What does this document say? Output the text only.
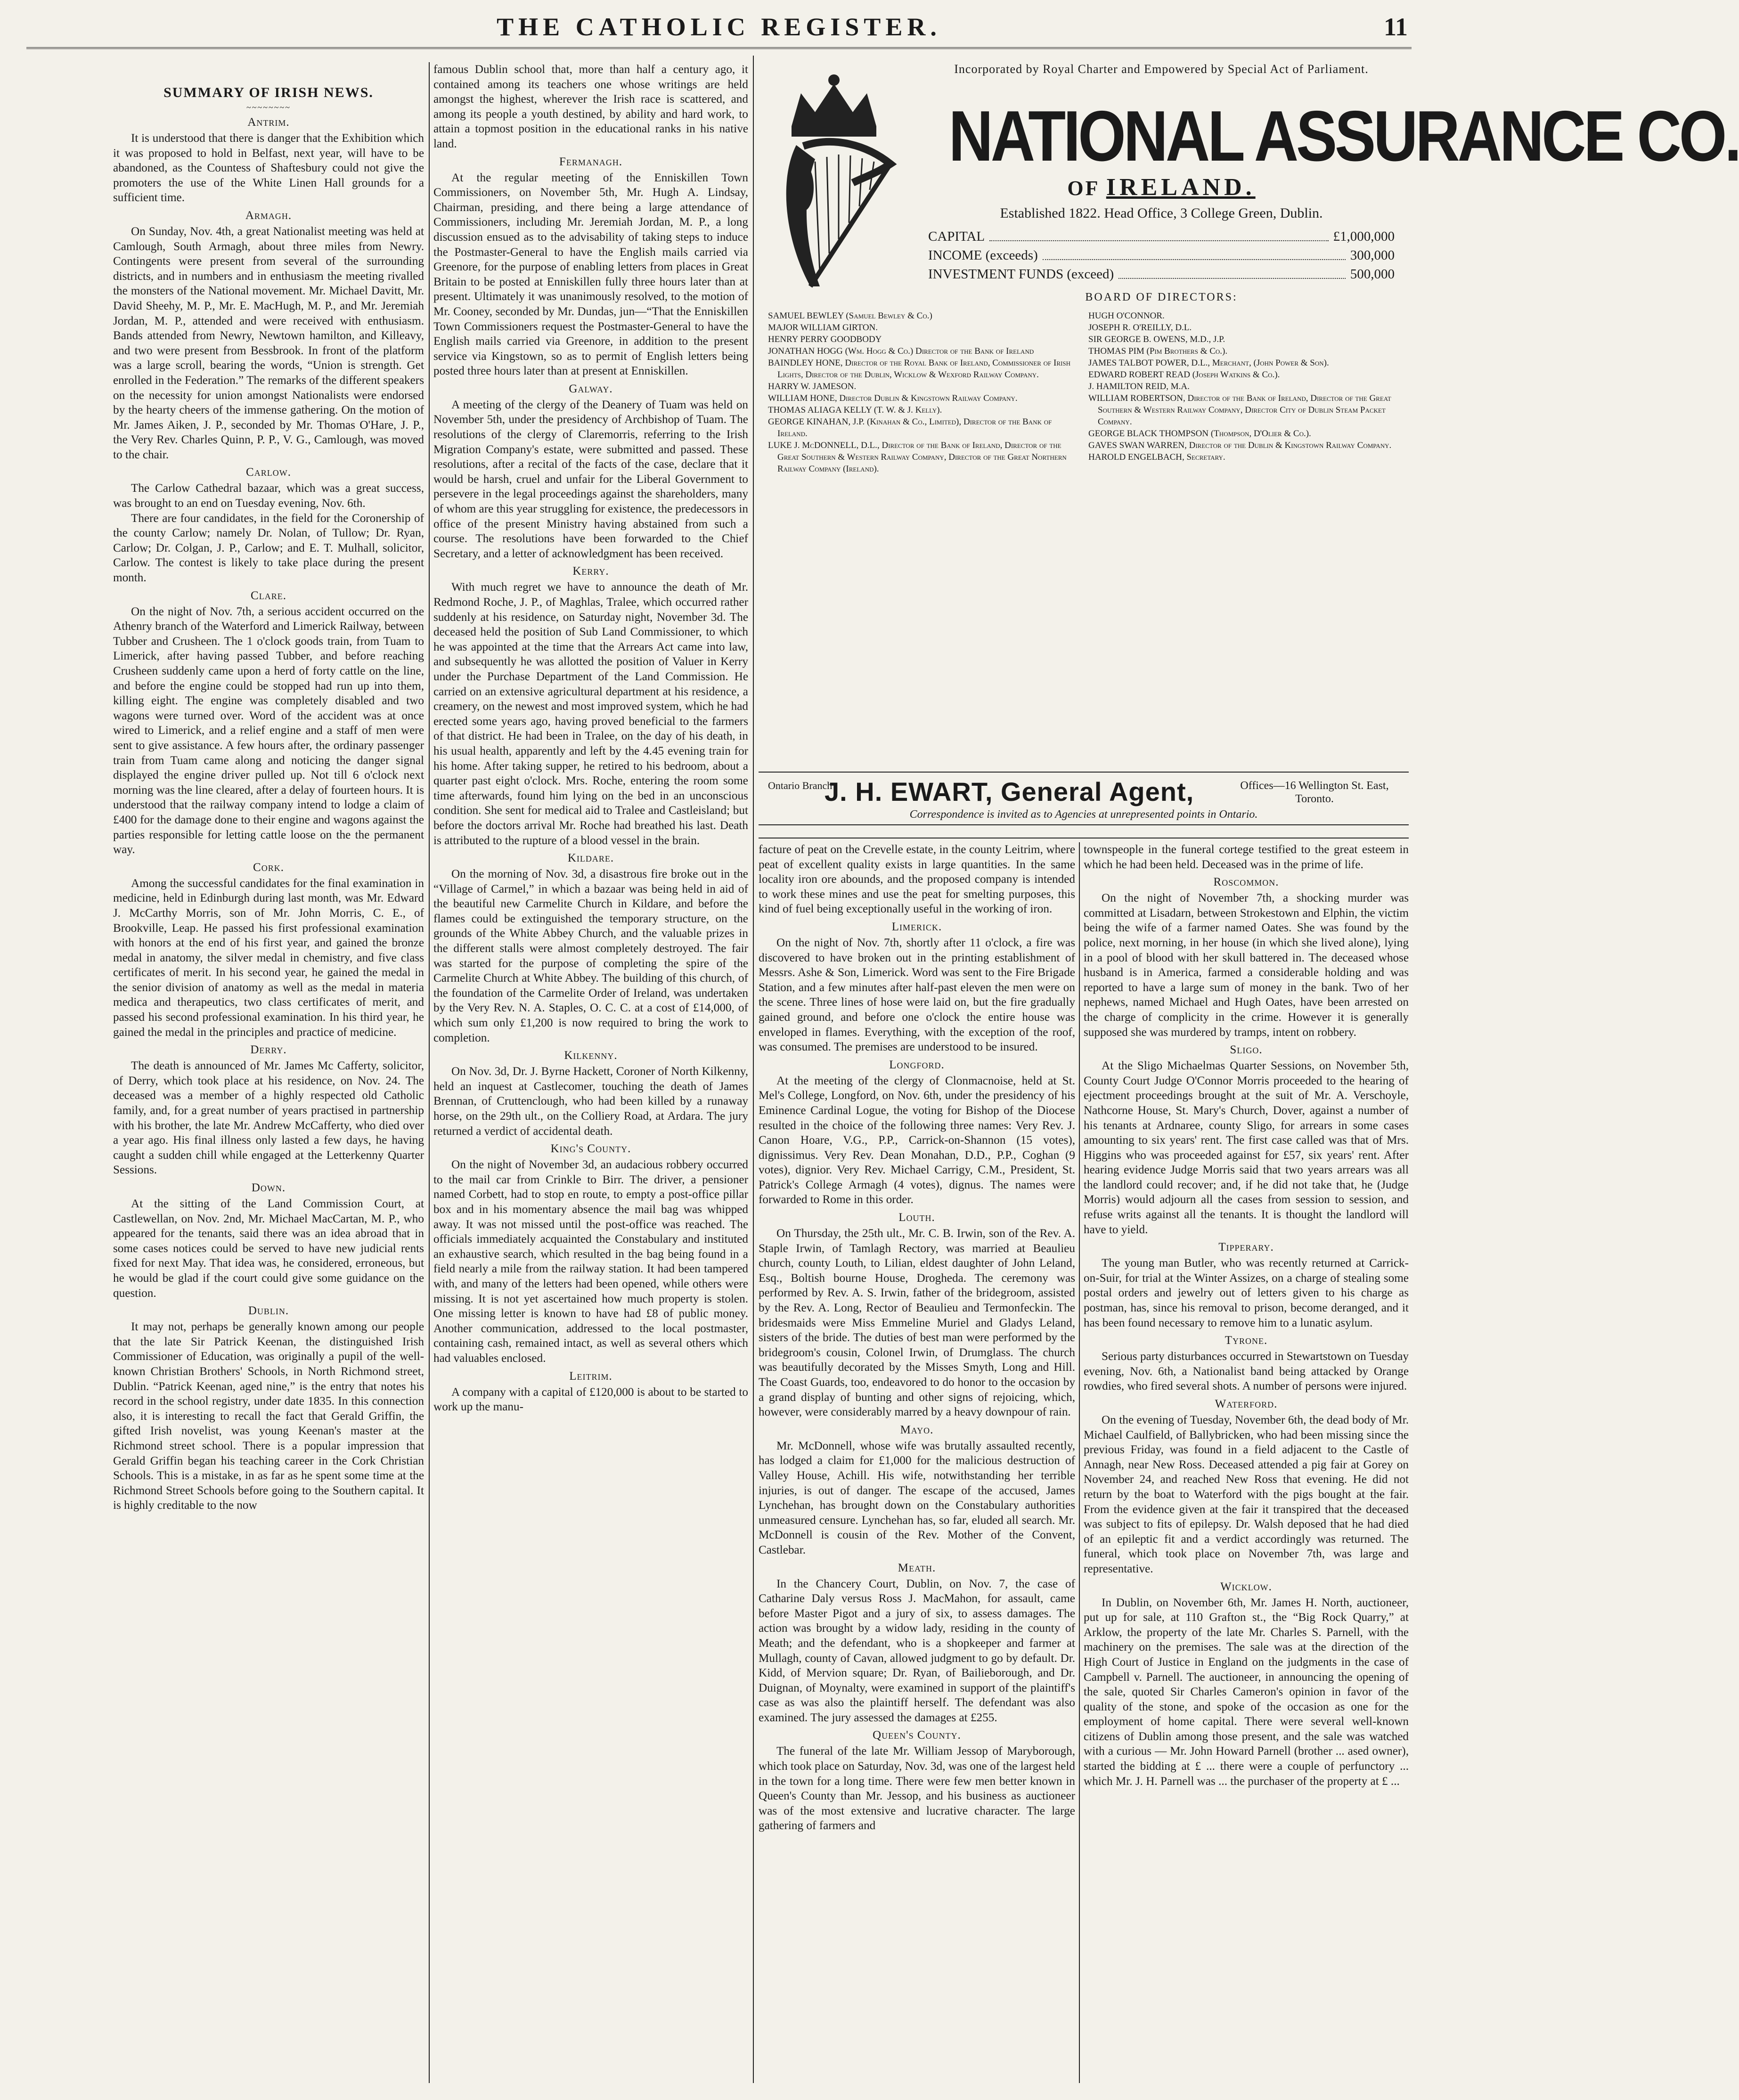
THE CATHOLIC REGISTER.	11
SUMMARY OF IRISH NEWS.
~~~~~~~~
Antrim.

It is understood that there is danger that the Exhibition which it was proposed to hold in Belfast, next year, will have to be abandoned, as the Countess of Shaftesbury could not give the promoters the use of the White Linen Hall grounds for a sufficient time.

Armagh.

On Sunday, Nov. 4th, a great Nationalist meeting was held at Camlough, South Armagh, about three miles from Newry. Contingents were present from several of the surrounding districts, and in numbers and in enthusiasm the meeting rivalled the monsters of the National movement. Mr. Michael Davitt, Mr. David Sheehy, M. P., Mr. E. MacHugh, M. P., and Mr. Jeremiah Jordan, M. P., attended and were received with enthusiasm. Bands attended from Newry, Newtown hamilton, and Killeavy, and two were present from Bessbrook. In front of the platform was a large scroll, bearing the words, “Union is strength. Get enrolled in the Federation.” The remarks of the different speakers on the necessity for union amongst Nationalists were endorsed by the hearty cheers of the immense gathering. On the motion of Mr. James Aiken, J. P., seconded by Mr. Thomas O'Hare, J. P., the Very Rev. Charles Quinn, P. P., V. G., Camlough, was moved to the chair.

Carlow.

The Carlow Cathedral bazaar, which was a great success, was brought to an end on Tuesday evening, Nov. 6th.

There are four candidates, in the field for the Coronership of the county Carlow; namely Dr. Nolan, of Tullow; Dr. Ryan, Carlow; Dr. Colgan, J. P., Carlow; and E. T. Mulhall, solicitor, Carlow. The contest is likely to take place during the present month.

Clare.

On the night of Nov. 7th, a serious accident occurred on the Athenry branch of the Waterford and Limerick Railway, between Tubber and Crusheen. The 1 o'clock goods train, from Tuam to Limerick, after having passed Tubber, and before reaching Crusheen suddenly came upon a herd of forty cattle on the line, and before the engine could be stopped had run up into them, killing eight. The engine was completely disabled and two wagons were turned over. Word of the accident was at once wired to Limerick, and a relief engine and a staff of men were sent to give assistance. A few hours after, the ordinary passenger train from Tuam came along and noticing the danger signal displayed the engine driver pulled up. Not till 6 o'clock next morning was the line cleared, after a delay of fourteen hours. It is understood that the railway company intend to lodge a claim of £400 for the damage done to their engine and wagons against the parties responsible for letting cattle loose on the the permanent way.

Cork.

Among the successful candidates for the final examination in medicine, held in Edinburgh during last month, was Mr. Edward J. McCarthy Morris, son of Mr. John Morris, C. E., of Brookville, Leap. He passed his first professional examination with honors at the end of his first year, and gained the bronze medal in anatomy, the silver medal in chemistry, and five class certificates of merit. In his second year, he gained the medal in the senior division of anatomy as well as the medal in materia medica and therapeutics, two class certificates of merit, and passed his second professional examination. In his third year, he gained the medal in the principles and practice of medicine.

Derry.

The death is announced of Mr. James Mc Cafferty, solicitor, of Derry, which took place at his residence, on Nov. 24. The deceased was a member of a highly respected old Catholic family, and, for a great number of years practised in partnership with his brother, the late Mr. Andrew McCafferty, who died over a year ago. His final illness only lasted a few days, he having caught a sudden chill while engaged at the Letterkenny Quarter Sessions.

Down.

At the sitting of the Land Commission Court, at Castlewellan, on Nov. 2nd, Mr. Michael MacCartan, M. P., who appeared for the tenants, said there was an idea abroad that in some cases notices could be served to have new judicial rents fixed for next May. That idea was, he considered, erroneous, but he would be glad if the court could give some guidance on the question.

Dublin.

It may not, perhaps be generally known among our people that the late Sir Patrick Keenan, the distinguished Irish Commissioner of Education, was originally a pupil of the well-known Christian Brothers' Schools, in North Richmond street, Dublin. “Patrick Keenan, aged nine,” is the entry that notes his record in the school registry, under date 1835. In this connection also, it is interesting to recall the fact that Gerald Griffin, the gifted Irish novelist, was young Keenan's master at the Richmond street school. There is a popular impression that Gerald Griffin began his teaching career in the Cork Christian Schools. This is a mistake, in as far as he spent some time at the Richmond Street Schools before going to the Southern capital. It is highly creditable to the now

famous Dublin school that, more than half a century ago, it contained among its teachers one whose writings are held amongst the highest, wherever the Irish race is scattered, and among its people a youth destined, by ability and hard work, to attain a topmost position in the educational ranks in his native land.

Fermanagh.

At the regular meeting of the Enniskillen Town Commissioners, on November 5th, Mr. Hugh A. Lindsay, Chairman, presiding, and there being a large attendance of Commissioners, including Mr. Jeremiah Jordan, M. P., a long discussion ensued as to the advisability of taking steps to induce the Postmaster-General to have the English mails carried via Greenore, for the purpose of enabling letters from places in Great Britain to be posted at Enniskillen fully three hours later than at present. Ultimately it was unanimously resolved, to the motion of Mr. Cooney, seconded by Mr. Dundas, jun—“That the Enniskillen Town Commissioners request the Postmaster-General to have the English mails carried via Greenore, in addition to the present service via Kingstown, so as to permit of English letters being posted three hours later than at present at Enniskillen.

Galway.

A meeting of the clergy of the Deanery of Tuam was held on November 5th, under the presidency of Archbishop of Tuam. The resolutions of the clergy of Claremorris, referring to the Irish Migration Company's estate, were submitted and passed. These resolutions, after a recital of the facts of the case, declare that it would be harsh, cruel and unfair for the Liberal Government to persevere in the legal proceedings against the shareholders, many of whom are this year struggling for existence, the predecessors in office of the present Ministry having abstained from such a course. The resolutions have been forwarded to the Chief Secretary, and a letter of acknowledgment has been received.

Kerry.

With much regret we have to announce the death of Mr. Redmond Roche, J. P., of Maghlas, Tralee, which occurred rather suddenly at his residence, on Saturday night, November 3d. The deceased held the position of Sub Land Commissioner, to which he was appointed at the time that the Arrears Act came into law, and subsequently he was allotted the position of Valuer in Kerry under the Purchase Department of the Land Commission. He carried on an extensive agricultural department at his residence, a creamery, on the newest and most improved system, which he had erected some years ago, having proved beneficial to the farmers of that district. He had been in Tralee, on the day of his death, in his usual health, apparently and left by the 4.45 evening train for his home. After taking supper, he retired to his bedroom, about a quarter past eight o'clock. Mrs. Roche, entering the room some time afterwards, found him lying on the bed in an unconscious condition. She sent for medical aid to Tralee and Castleisland; but before the doctors arrival Mr. Roche had breathed his last. Death is attributed to the rupture of a blood vessel in the brain.

Kildare.

On the morning of Nov. 3d, a disastrous fire broke out in the “Village of Carmel,” in which a bazaar was being held in aid of the beautiful new Carmelite Church in Kildare, and before the flames could be extinguished the temporary structure, on the grounds of the White Abbey Church, and the valuable prizes in the different stalls were almost completely destroyed. The fair was started for the purpose of completing the spire of the Carmelite Church at White Abbey. The building of this church, of the foundation of the Carmelite Order of Ireland, was undertaken by the Very Rev. N. A. Staples, O. C. C. at a cost of £14,000, of which sum only £1,200 is now required to bring the work to completion.

Kilkenny.

On Nov. 3d, Dr. J. Byrne Hackett, Coroner of North Kilkenny, held an inquest at Castlecomer, touching the death of James Brennan, of Cruttenclough, who had been killed by a runaway horse, on the 29th ult., on the Colliery Road, at Ardara. The jury returned a verdict of accidental death.

King's County.

On the night of November 3d, an audacious robbery occurred to the mail car from Crinkle to Birr. The driver, a pensioner named Corbett, had to stop en route, to empty a post-office pillar box and in his momentary absence the mail bag was whipped away. It was not missed until the post-office was reached. The officials immediately acquainted the Constabulary and instituted an exhaustive search, which resulted in the bag being found in a field nearly a mile from the railway station. It had been tampered with, and many of the letters had been opened, while others were missing. It is not yet ascertained how much property is stolen. One missing letter is known to have had £8 of public money. Another communication, addressed to the local postmaster, containing cash, remained intact, as well as several others which had valuables enclosed.

Leitrim.

A company with a capital of £120,000 is about to be started to work up the manu-

Incorporated by Royal Charter and Empowered by Special Act of Parliament.
NATIONAL ASSURANCE CO.
OF IRELAND.
Established 1822. Head Office, 3 College Green, Dublin.
CAPITAL	£1,000,000
INCOME (exceeds)	300,000
INVESTMENT FUNDS (exceed)	500,000
BOARD OF DIRECTORS:
SAMUEL BEWLEY (Samuel Bewley & Co.)
MAJOR WILLIAM GIRTON.
HENRY PERRY GOODBODY
JONATHAN HOGG (Wm. Hogg & Co.) Director of the Bank of Ireland
BAINDLEY HONE, Director of the Royal Bank of Ireland, Commissioner of Irish Lights, Director of the Dublin, Wicklow & Wexford Railway Company.
HARRY W. JAMESON.
WILLIAM HONE, Director Dublin & Kingstown Railway Company.
THOMAS ALIAGA KELLY (T. W. & J. Kelly).
GEORGE KINAHAN, J.P. (Kinahan & Co., Limited), Director of the Bank of Ireland.
LUKE J. McDONNELL, D.L., Director of the Bank of Ireland, Director of the Great Southern & Western Railway Company, Director of the Great Northern Railway Company (Ireland).
HUGH O'CONNOR.
JOSEPH R. O'REILLY, D.L.
SIR GEORGE B. OWENS, M.D., J.P.
THOMAS PIM (Pim Brothers & Co.).
JAMES TALBOT POWER, D.L., Merchant, (John Power & Son).
EDWARD ROBERT READ (Joseph Watkins & Co.).
J. HAMILTON REID, M.A.
WILLIAM ROBERTSON, Director of the Bank of Ireland, Director of the Great Southern & Western Railway Company, Director City of Dublin Steam Packet Company.
GEORGE BLACK THOMPSON (Thompson, D'Olier & Co.).
GAVES SWAN WARREN, Director of the Dublin & Kingstown Railway Company.
HAROLD ENGELBACH, Secretary.
Ontario Branch
J. H. EWART, General Agent,	Offices—16 Wellington St. East, Toronto.
Correspondence is invited as to Agencies at unrepresented points in Ontario.

facture of peat on the Crevelle estate, in the county Leitrim, where peat of excellent quality exists in large quantities. In the same locality iron ore abounds, and the proposed company is intended to work these mines and use the peat for smelting purposes, this kind of fuel being exceptionally useful in the working of iron.

Limerick.

On the night of Nov. 7th, shortly after 11 o'clock, a fire was discovered to have broken out in the printing establishment of Messrs. Ashe & Son, Limerick. Word was sent to the Fire Brigade Station, and a few minutes after half-past eleven the men were on the scene. Three lines of hose were laid on, but the fire gradually gained ground, and before one o'clock the entire house was enveloped in flames. Everything, with the exception of the roof, was consumed. The premises are understood to be insured.

Longford.

At the meeting of the clergy of Clonmacnoise, held at St. Mel's College, Longford, on Nov. 6th, under the presidency of his Eminence Cardinal Logue, the voting for Bishop of the Diocese resulted in the choice of the following three names: Very Rev. J. Canon Hoare, V.G., P.P., Carrick-on-Shannon (15 votes), dignissimus. Very Rev. Dean Monahan, D.D., P.P., Coghan (9 votes), dignior. Very Rev. Michael Carrigy, C.M., President, St. Patrick's College Armagh (4 votes), dignus. The names were forwarded to Rome in this order.

Louth.

On Thursday, the 25th ult., Mr. C. B. Irwin, son of the Rev. A. Staple Irwin, of Tamlagh Rectory, was married at Beaulieu church, county Louth, to Lilian, eldest daughter of John Leland, Esq., Boltish bourne House, Drogheda. The ceremony was performed by Rev. A. S. Irwin, father of the bridegroom, assisted by the Rev. A. Long, Rector of Beaulieu and Termonfeckin. The bridesmaids were Miss Emmeline Muriel and Gladys Leland, sisters of the bride. The duties of best man were performed by the bridegroom's cousin, Colonel Irwin, of Drumglass. The church was beautifully decorated by the Misses Smyth, Long and Hill. The Coast Guards, too, endeavored to do honor to the occasion by a grand display of bunting and other signs of rejoicing, which, however, were considerably marred by a heavy downpour of rain.

Mayo.

Mr. McDonnell, whose wife was brutally assaulted recently, has lodged a claim for £1,000 for the malicious destruction of Valley House, Achill. His wife, notwithstanding her terrible injuries, is out of danger. The escape of the accused, James Lynchehan, has brought down on the Constabulary authorities unmeasured censure. Lynchehan has, so far, eluded all search. Mr. McDonnell is cousin of the Rev. Mother of the Convent, Castlebar.

Meath.

In the Chancery Court, Dublin, on Nov. 7, the case of Catharine Daly versus Ross J. MacMahon, for assault, came before Master Pigot and a jury of six, to assess damages. The action was brought by a widow lady, residing in the county of Meath; and the defendant, who is a shopkeeper and farmer at Mullagh, county of Cavan, allowed judgment to go by default. Dr. Kidd, of Mervion square; Dr. Ryan, of Bailieborough, and Dr. Duignan, of Moynalty, were examined in support of the plaintiff's case as was also the plaintiff herself. The defendant was also examined. The jury assessed the damages at £255.

Queen's County.

The funeral of the late Mr. William Jessop of Maryborough, which took place on Saturday, Nov. 3d, was one of the largest held in the town for a long time. There were few men better known in Queen's County than Mr. Jessop, and his business as auctioneer was of the most extensive and lucrative character. The large gathering of farmers and

townspeople in the funeral cortege testified to the great esteem in which he had been held. Deceased was in the prime of life.

Roscommon.

On the night of November 7th, a shocking murder was committed at Lisadarn, between Strokestown and Elphin, the victim being the wife of a farmer named Oates. She was found by the police, next morning, in her house (in which she lived alone), lying in a pool of blood with her skull battered in. The deceased whose husband is in America, farmed a considerable holding and was reported to have a large sum of money in the bank. Two of her nephews, named Michael and Hugh Oates, have been arrested on the charge of complicity in the crime. However it is generally supposed she was murdered by tramps, intent on robbery.

Sligo.

At the Sligo Michaelmas Quarter Sessions, on November 5th, County Court Judge O'Connor Morris proceeded to the hearing of ejectment proceedings brought at the suit of Mr. A. Verschoyle, Nathcorne House, St. Mary's Church, Dover, against a number of his tenants at Ardnaree, county Sligo, for arrears in some cases amounting to six years' rent. The first case called was that of Mrs. Higgins who was proceeded against for £57, six years' rent. After hearing evidence Judge Morris said that two years arrears was all the landlord could recover; and, if he did not take that, he (Judge Morris) would adjourn all the cases from session to session, and refuse writs against all the tenants. It is thought the landlord will have to yield.

Tipperary.

The young man Butler, who was recently returned at Carrick-on-Suir, for trial at the Winter Assizes, on a charge of stealing some postal orders and jewelry out of letters given to his charge as postman, has, since his removal to prison, become deranged, and it has been found necessary to remove him to a lunatic asylum.

Tyrone.

Serious party disturbances occurred in Stewartstown on Tuesday evening, Nov. 6th, a Nationalist band being attacked by Orange rowdies, who fired several shots. A number of persons were injured.

Waterford.

On the evening of Tuesday, November 6th, the dead body of Mr. Michael Caulfield, of Ballybricken, who had been missing since the previous Friday, was found in a field adjacent to the Castle of Annagh, near New Ross. Deceased attended a pig fair at Gorey on November 24, and reached New Ross that evening. He did not return by the boat to Waterford with the pigs bought at the fair. From the evidence given at the fair it transpired that the deceased was subject to fits of epilepsy. Dr. Walsh deposed that he had died of an epileptic fit and a verdict accordingly was returned. The funeral, which took place on November 7th, was large and representative.

Wicklow.

In Dublin, on November 6th, Mr. James H. North, auctioneer, put up for sale, at 110 Grafton st., the “Big Rock Quarry,” at Arklow, the property of the late Mr. Charles S. Parnell, with the machinery on the premises. The sale was at the direction of the High Court of Justice in England on the judgments in the case of Campbell v. Parnell. The auctioneer, in announcing the opening of the sale, quoted Sir Charles Cameron's opinion in favor of the quality of the stone, and spoke of the occasion as one for the employment of home capital. There were several well-known citizens of Dublin among those present, and the sale was watched with a curious — Mr. John Howard Parnell (brother ... ased owner), started the bidding at £ ... there were a couple of perfunctory ... which Mr. J. H. Parnell was ... the purchaser of the property at £ ...
